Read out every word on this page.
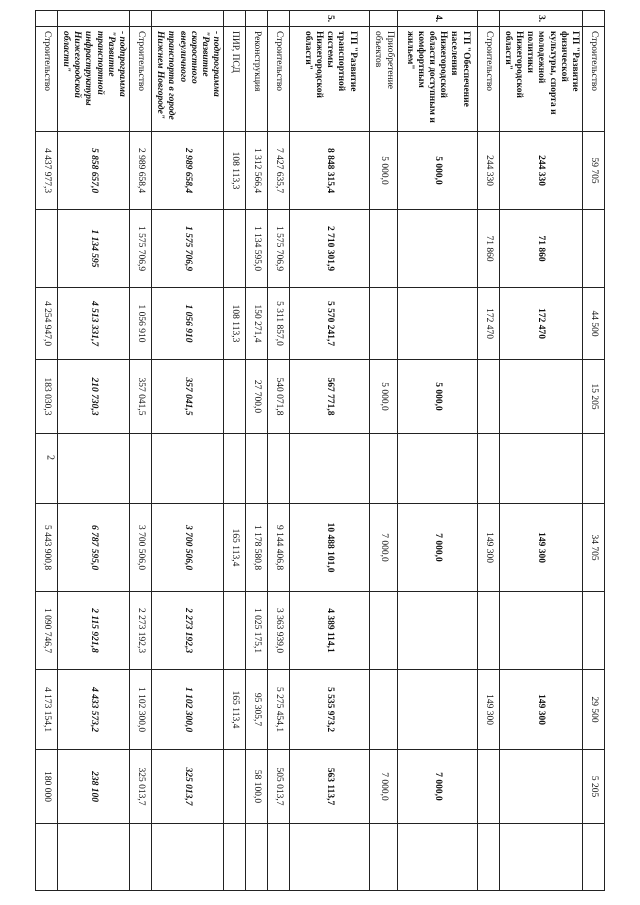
2
	Строительство	59 705		44 500	15 205		34 705		29 500	5 205	
3.	ГП "Развитие физической культуры, спорта и молодежной политики Нижегородской области"	244 330	71 860	172 470			149 300		149 300		
	Строительство	244 330	71 860	172 470			149 300		149 300		
4.	ГП "Обеспечение населения Нижегородской области доступным и комфортным жильем"	5 000,0			5 000,0		7 000,0			7 000,0	
	Приобретение объектов	5 000,0			5 000,0		7 000,0			7 000,0	
5.	ГП "Развитие транспортной системы Нижегородской области"	8 848 315,4	2 710 301,9	5 570 241,7	567 771,8		10 488 101,0	4 389 114,1	5 535 973,2	563 113,7	
	Строительство	7 427 635,7	1 575 706,9	5 311 857,0	540 071,8		9 144 406,8	3 363 939,0	5 275 454,1	505 013,7	
	Реконструкция	1 312 566,4	1 134 595,0	150 271,4	27 700,0		1 178 580,8	1 025 175,1	95 305,7	58 100,0	
	ПИР, ПСД	108 113,3		108 113,3			165 113,4		165 113,4		
	- подпрограмма "Развитие скоростного внеуличного транспорта в городе Нижнем Новгороде"	2 989 658,4	1 575 706,9	1 056 910	357 041,5		3 700 506,0	2 273 192,3	1 102 300,0	325 013,7	
	Строительство	2 989 658,4	1 575 706,9	1 056 910	357 041,5		3 700 506,0	2 273 192,3	1 102 300,0	325 013,7	
	- подпрограмма "Развитие транспортной инфраструктуры Нижегородской области"	5 858 657,0	1 134 595	4 513 331,7	210 730,3		6 787 595,0	2 115 921,8	4 433 573,2	238 100	
	Строительство	4 437 977,3		4 254 947,0	183 030,3		5 443 900,8	1 090 746,7	4 173 154,1	180 000	
